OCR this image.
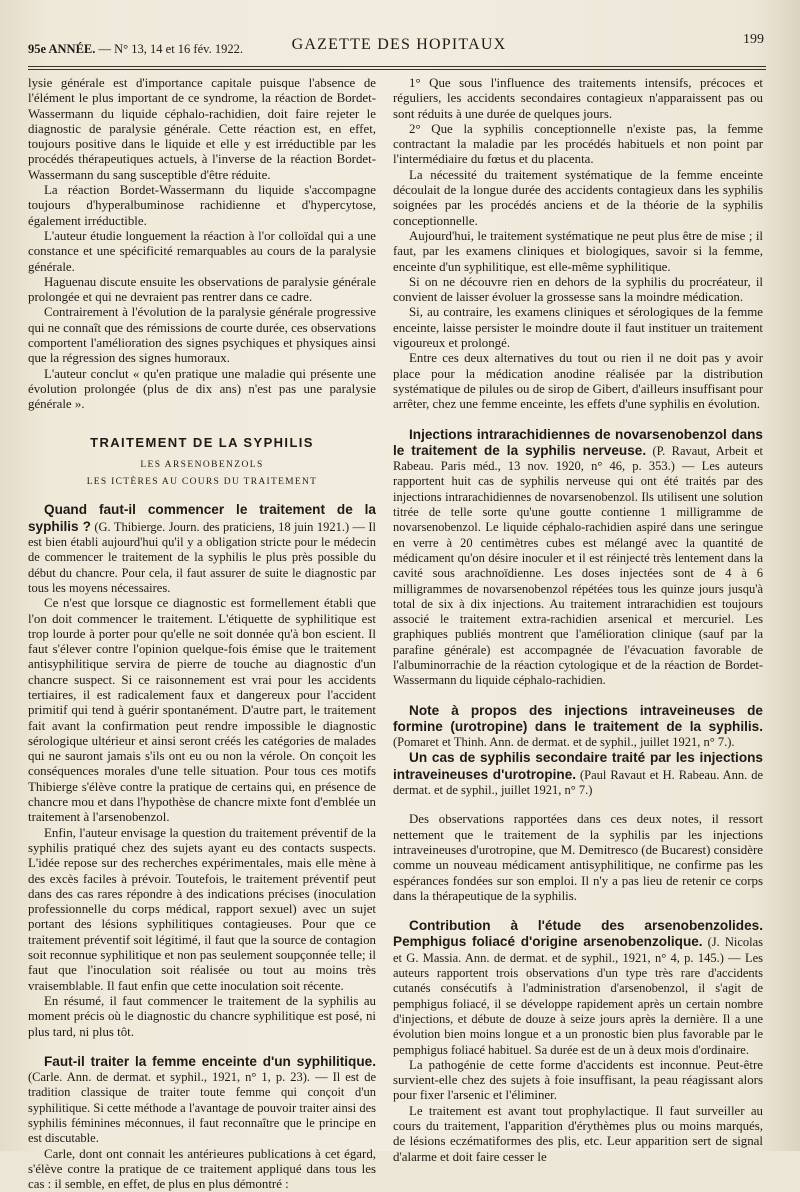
95e ANNÉE. — N° 13, 14 et 16 fév. 1922.	GAZETTE DES HOPITAUX	199

lysie générale est d'importance capitale puisque l'absence de l'élément le plus important de ce syndrome, la réaction de Bordet-Wassermann du liquide céphalo-rachidien, doit faire rejeter le diagnostic de paralysie générale. Cette réaction est, en effet, toujours positive dans le liquide et elle y est irréductible par les procédés thérapeutiques actuels, à l'inverse de la réaction Bordet-Wassermann du sang susceptible d'être réduite.

La réaction Bordet-Wassermann du liquide s'accompagne toujours d'hyperalbuminose rachidienne et d'hypercytose, également irréductible.

L'auteur étudie longuement la réaction à l'or colloïdal qui a une constance et une spécificité remarquables au cours de la paralysie générale.

Haguenau discute ensuite les observations de paralysie générale prolongée et qui ne devraient pas rentrer dans ce cadre.

Contrairement à l'évolution de la paralysie générale progressive qui ne connaît que des rémissions de courte durée, ces observations comportent l'amélioration des signes psychiques et physiques ainsi que la régression des signes humoraux.

L'auteur conclut « qu'en pratique une maladie qui présente une évolution prolongée (plus de dix ans) n'est pas une paralysie générale ».

TRAITEMENT DE LA SYPHILIS
LES ARSENOBENZOLS
LES ICTÈRES AU COURS DU TRAITEMENT

Quand faut-il commencer le traitement de la syphilis ? (G. Thibierge. Journ. des praticiens, 18 juin 1921.) — Il est bien établi aujourd'hui qu'il y a obligation stricte pour le médecin de commencer le traitement de la syphilis le plus près possible du début du chancre. Pour cela, il faut assurer de suite le diagnostic par tous les moyens nécessaires.

Ce n'est que lorsque ce diagnostic est formellement établi que l'on doit commencer le traitement. L'étiquette de syphilitique est trop lourde à porter pour qu'elle ne soit donnée qu'à bon escient. Il faut s'élever contre l'opinion quelque-fois émise que le traitement antisyphilitique servira de pierre de touche au diagnostic d'un chancre suspect. Si ce raisonnement est vrai pour les accidents tertiaires, il est radicalement faux et dangereux pour l'accident primitif qui tend à guérir spontanément. D'autre part, le traitement fait avant la confirmation peut rendre impossible le diagnostic sérologique ultérieur et ainsi seront créés les catégories de malades qui ne sauront jamais s'ils ont eu ou non la vérole. On conçoit les conséquences morales d'une telle situation. Pour tous ces motifs Thibierge s'élève contre la pratique de certains qui, en présence de chancre mou et dans l'hypothèse de chancre mixte font d'emblée un traitement à l'arsenobenzol.

Enfin, l'auteur envisage la question du traitement préventif de la syphilis pratiqué chez des sujets ayant eu des contacts suspects. L'idée repose sur des recherches expérimentales, mais elle mène à des excès faciles à prévoir. Toutefois, le traitement préventif peut dans des cas rares répondre à des indications précises (inoculation professionnelle du corps médical, rapport sexuel) avec un sujet portant des lésions syphilitiques contagieuses. Pour que ce traitement préventif soit légitimé, il faut que la source de contagion soit reconnue syphilitique et non pas seulement soupçonnée telle; il faut que l'inoculation soit réalisée ou tout au moins très vraisemblable. Il faut enfin que cette inoculation soit récente.

En résumé, il faut commencer le traitement de la syphilis au moment précis où le diagnostic du chancre syphilitique est posé, ni plus tard, ni plus tôt.

Faut-il traiter la femme enceinte d'un syphilitique. (Carle. Ann. de dermat. et syphil., 1921, n° 1, p. 23). — Il est de tradition classique de traiter toute femme qui conçoit d'un syphilitique. Si cette méthode a l'avantage de pouvoir traiter ainsi des syphilis féminines méconnues, il faut reconnaître que le principe en est discutable.

Carle, dont ont connait les antérieures publications à cet égard, s'élève contre la pratique de ce traitement appliqué dans tous les cas : il semble, en effet, de plus en plus démontré :

1° Que sous l'influence des traitements intensifs, précoces et réguliers, les accidents secondaires contagieux n'apparaissent pas ou sont réduits à une durée de quelques jours.

2° Que la syphilis conceptionnelle n'existe pas, la femme contractant la maladie par les procédés habituels et non point par l'intermédiaire du fœtus et du placenta.

La nécessité du traitement systématique de la femme enceinte découlait de la longue durée des accidents contagieux dans les syphilis soignées par les procédés anciens et de la théorie de la syphilis conceptionnelle.

Aujourd'hui, le traitement systématique ne peut plus être de mise ; il faut, par les examens cliniques et biologiques, savoir si la femme, enceinte d'un syphilitique, est elle-même syphilitique.

Si on ne découvre rien en dehors de la syphilis du procréateur, il convient de laisser évoluer la grossesse sans la moindre médication.

Si, au contraire, les examens cliniques et sérologiques de la femme enceinte, laisse persister le moindre doute il faut instituer un traitement vigoureux et prolongé.

Entre ces deux alternatives du tout ou rien il ne doit pas y avoir place pour la médication anodine réalisée par la distribution systématique de pilules ou de sirop de Gibert, d'ailleurs insuffisant pour arrêter, chez une femme enceinte, les effets d'une syphilis en évolution.

Injections intrarachidiennes de novarsenobenzol dans le traitement de la syphilis nerveuse. (P. Ravaut, Arbeit et Rabeau. Paris méd., 13 nov. 1920, n° 46, p. 353.) — Les auteurs rapportent huit cas de syphilis nerveuse qui ont été traités par des injections intrarachidiennes de novarsenobenzol. Ils utilisent une solution titrée de telle sorte qu'une goutte contienne 1 milligramme de novarsenobenzol. Le liquide céphalo-rachidien aspiré dans une seringue en verre à 20 centimètres cubes est mélangé avec la quantité de médicament qu'on désire inoculer et il est réinjecté très lentement dans la cavité sous arachnoïdienne. Les doses injectées sont de 4 à 6 milligrammes de novarsenobenzol répétées tous les quinze jours jusqu'à total de six à dix injections. Au traitement intrarachidien est toujours associé le traitement extra-rachidien arsenical et mercuriel. Les graphiques publiés montrent que l'amélioration clinique (sauf par la parafine générale) est accompagnée de l'évacuation favorable de l'albuminorrachie de la réaction cytologique et de la réaction de Bordet-Wassermann du liquide céphalo-rachidien.

Note à propos des injections intraveineuses de formine (urotropine) dans le traitement de la syphilis. (Pomaret et Thinh. Ann. de dermat. et de syphil., juillet 1921, n° 7.).

Un cas de syphilis secondaire traité par les injections intraveineuses d'urotropine. (Paul Ravaut et H. Rabeau. Ann. de dermat. et de syphil., juillet 1921, n° 7.)

Des observations rapportées dans ces deux notes, il ressort nettement que le traitement de la syphilis par les injections intraveineuses d'urotropine, que M. Demitresco (de Bucarest) considère comme un nouveau médicament antisyphilitique, ne confirme pas les espérances fondées sur son emploi. Il n'y a pas lieu de retenir ce corps dans la thérapeutique de la syphilis.

Contribution à l'étude des arsenobenzolides. Pemphigus foliacé d'origine arsenobenzolique. (J. Nicolas et G. Massia. Ann. de dermat. et de syphil., 1921, n° 4, p. 145.) — Les auteurs rapportent trois observations d'un type très rare d'accidents cutanés consécutifs à l'administration d'arsenobenzol, il s'agit de pemphigus foliacé, il se développe rapidement après un certain nombre d'injections, et débute de douze à seize jours après la dernière. Il a une évolution bien moins longue et a un pronostic bien plus favorable par le pemphigus foliacé habituel. Sa durée est de un à deux mois d'ordinaire.

La pathogénie de cette forme d'accidents est inconnue. Peut-être survient-elle chez des sujets à foie insuffisant, la peau réagissant alors pour fixer l'arsenic et l'éliminer.

Le traitement est avant tout prophylactique. Il faut surveiller au cours du traitement, l'apparition d'érythèmes plus ou moins marqués, de lésions eczématiformes des plis, etc. Leur apparition sert de signal d'alarme et doit faire cesser le
